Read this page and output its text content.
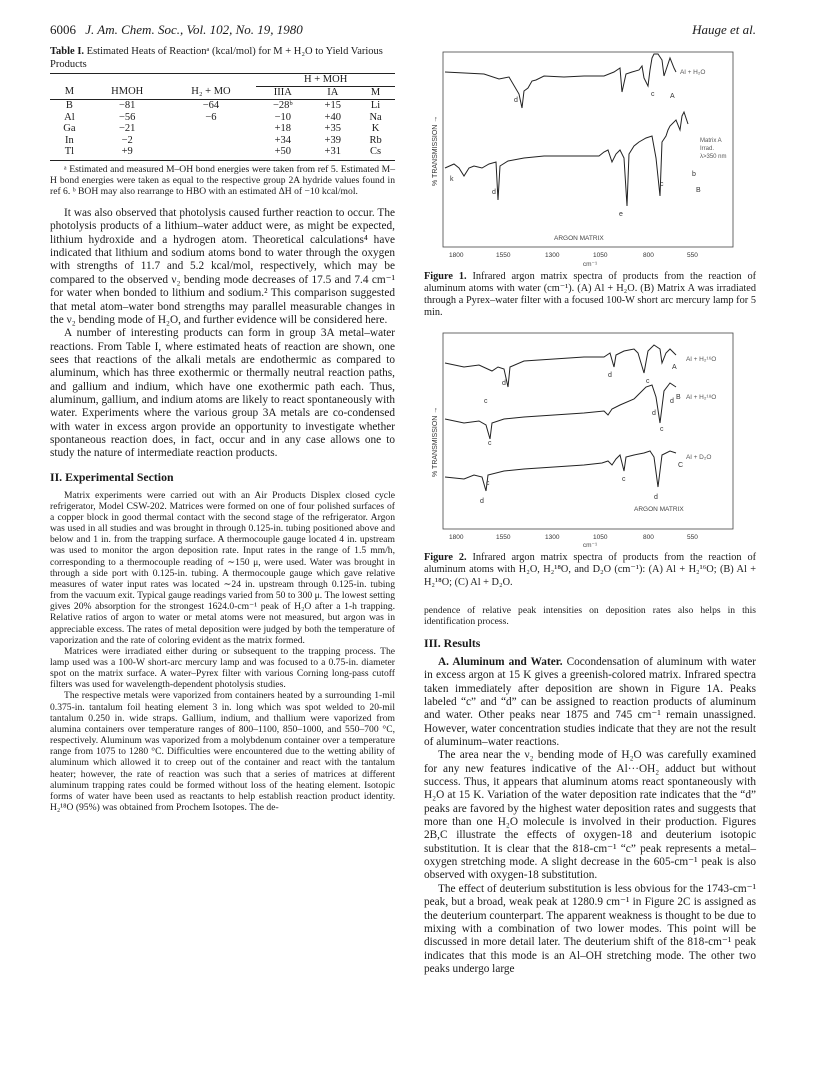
6006 J. Am. Chem. Soc., Vol. 102, No. 19, 1980	Hauge et al.
Table I. Estimated Heats of Reactionᵃ (kcal/mol) for M + H₂O to Yield Various Products
			H + MOH		
M	HMOH	H₂ + MO	IIIA	IA	M
B	−81	−64	−28ᵇ	+15	Li
Al	−56	−6	−10	+40	Na
Ga	−21		+18	+35	K
In	−2		+34	+39	Rb
Tl	+9		+50	+31	Cs

ᵃ Estimated and measured M–OH bond energies were taken from ref 5. Estimated M–H bond energies were taken as equal to the respective group 2A hydride values found in ref 6. ᵇ BOH may also rearrange to HBO with an estimated ΔH of −10 kcal/mol.

It was also observed that photolysis caused further reaction to occur. The photolysis products of a lithium–water adduct were, as might be expected, lithium hydroxide and a hydrogen atom. Theoretical calculations⁴ have indicated that lithium and sodium atoms bond to water through the oxygen with strengths of 11.7 and 5.2 kcal/mol, respectively, which may be compared to the observed ν₂ bending mode decreases of 17.5 and 7.4 cm⁻¹ for water when bonded to lithium and sodium.² This comparison suggested that metal atom–water bond strengths may parallel measurable changes in the ν₂ bending mode of H₂O, and further evidence will be considered here.

A number of interesting products can form in group 3A metal–water reactions. From Table I, where estimated heats of reaction are shown, one sees that reactions of the alkali metals are endothermic as compared to aluminum, which has three exothermic or thermally neutral reaction paths, and gallium and indium, which have one exothermic path each. Thus, aluminum, gallium, and indium atoms are likely to react spontaneously with water. Experiments where the various group 3A metals are co-condensed with water in excess argon provide an opportunity to investigate whether spontaneous reaction does, in fact, occur and in any case allows one to study the nature of intermediate reaction products.

II. Experimental Section

Matrix experiments were carried out with an Air Products Displex closed cycle refrigerator, Model CSW-202. Matrices were formed on one of four polished surfaces of a copper block in good thermal contact with the second stage of the refrigerator. Argon was used in all studies and was brought in through 0.125-in. tubing positioned above and below and 1 in. from the trapping surface. A thermocouple gauge located 4 in. upstream was used to monitor the argon deposition rate. Input rates in the range of 1.5 mm/h, corresponding to a thermocouple reading of ∼150 μ, were used. Water was brought in through a side port with 0.125-in. tubing. A thermocouple gauge which gave relative measures of water input rates was located ∼24 in. upstream through 0.125-in. tubing from the vacuum exit. Typical gauge readings varied from 50 to 300 μ. The lowest setting gives 20% absorption for the strongest 1624.0-cm⁻¹ peak of H₂O after a 1-h trapping. Relative ratios of argon to water or metal atoms were not measured, but argon was in appreciable excess. The rates of metal deposition were judged by both the temperature of vaporization and the rate of coloring evident as the matrix formed.

Matrices were irradiated either during or subsequent to the trapping process. The lamp used was a 100-W short-arc mercury lamp and was focused to a 0.75-in. diameter spot on the matrix surface. A water–Pyrex filter with various Corning long-pass cutoff filters was used for wavelength-dependent photolysis studies.

The respective metals were vaporized from containers heated by a surrounding 1-mil 0.375-in. tantalum foil heating element 3 in. long which was spot welded to 20-mil tantalum 0.250 in. wide straps. Gallium, indium, and thallium were vaporized from alumina containers over temperature ranges of 800–1100, 850–1000, and 550–700 °C, respectively. Aluminum was vaporized from a molybdenum container over a temperature range from 1075 to 1280 °C. Difficulties were encountered due to the wetting ability of aluminum which allowed it to creep out of the container and react with the tantalum heater; however, the rate of reaction was such that a series of matrices at different aluminum trapping rates could be formed without loss of the heating element. Isotopic forms of water have been used as reactants to help establish reaction product identity. H₂¹⁸O (95%) was obtained from Prochem Isotopes. The de-

% TRANSMISSION →
d
c
d
c
k
e
b
A
B
Al + H₂O
Matrix A
Irrad.
λ>350 nm
ARGON MATRIX
1800	1550	1300	1050	800	550
cm⁻¹

Figure 1. Infrared argon matrix spectra of products from the reaction of aluminum atoms with water (cm⁻¹). (A) Al + H₂O. (B) Matrix A was irradiated through a Pyrex–water filter with a focused 100-W short arc mercury lamp for 5 min.

% TRANSMISSION →
d	c
d
c
c
d
c
d
d
c
c
d
A
B
C
Al + H₂¹⁶O
Al + H₂¹⁸O
Al + D₂O
ARGON MATRIX
1800	1550	1300	1050	800	550
cm⁻¹

Figure 2. Infrared argon matrix spectra of products from the reaction of aluminum atoms with H₂O, H₂¹⁸O, and D₂O (cm⁻¹): (A) Al + H₂¹⁶O; (B) Al + H₂¹⁸O; (C) Al + D₂O.

pendence of relative peak intensities on deposition rates also helps in this identification process.

III. Results

A. Aluminum and Water. Cocondensation of aluminum with water in excess argon at 15 K gives a greenish-colored matrix. Infrared spectra taken immediately after deposition are shown in Figure 1A. Peaks labeled “c” and “d” can be assigned to reaction products of aluminum and water. Other peaks near 1875 and 745 cm⁻¹ remain unassigned. However, water concentration studies indicate that they are not the result of aluminum–water reactions.

The area near the ν₂ bending mode of H₂O was carefully examined for any new features indicative of the Al···OH₂ adduct but without success. Thus, it appears that aluminum atoms react spontaneously with H₂O at 15 K. Variation of the water deposition rate indicates that the “d” peaks are favored by the highest water deposition rates and suggests that more than one H₂O molecule is involved in their production. Figures 2B,C illustrate the effects of oxygen-18 and deuterium isotopic substitution. It is clear that the 818-cm⁻¹ “c” peak represents a metal–oxygen stretching mode. A slight decrease in the 605-cm⁻¹ peak is also observed with oxygen-18 substitution.

The effect of deuterium substitution is less obvious for the 1743-cm⁻¹ peak, but a broad, weak peak at 1280.9 cm⁻¹ in Figure 2C is assigned as the deuterium counterpart. The apparent weakness is thought to be due to mixing with a combination of two lower modes. This point will be discussed in more detail later. The deuterium shift of the 818-cm⁻¹ peak indicates that this mode is an Al–OH stretching mode. The other two peaks undergo large
